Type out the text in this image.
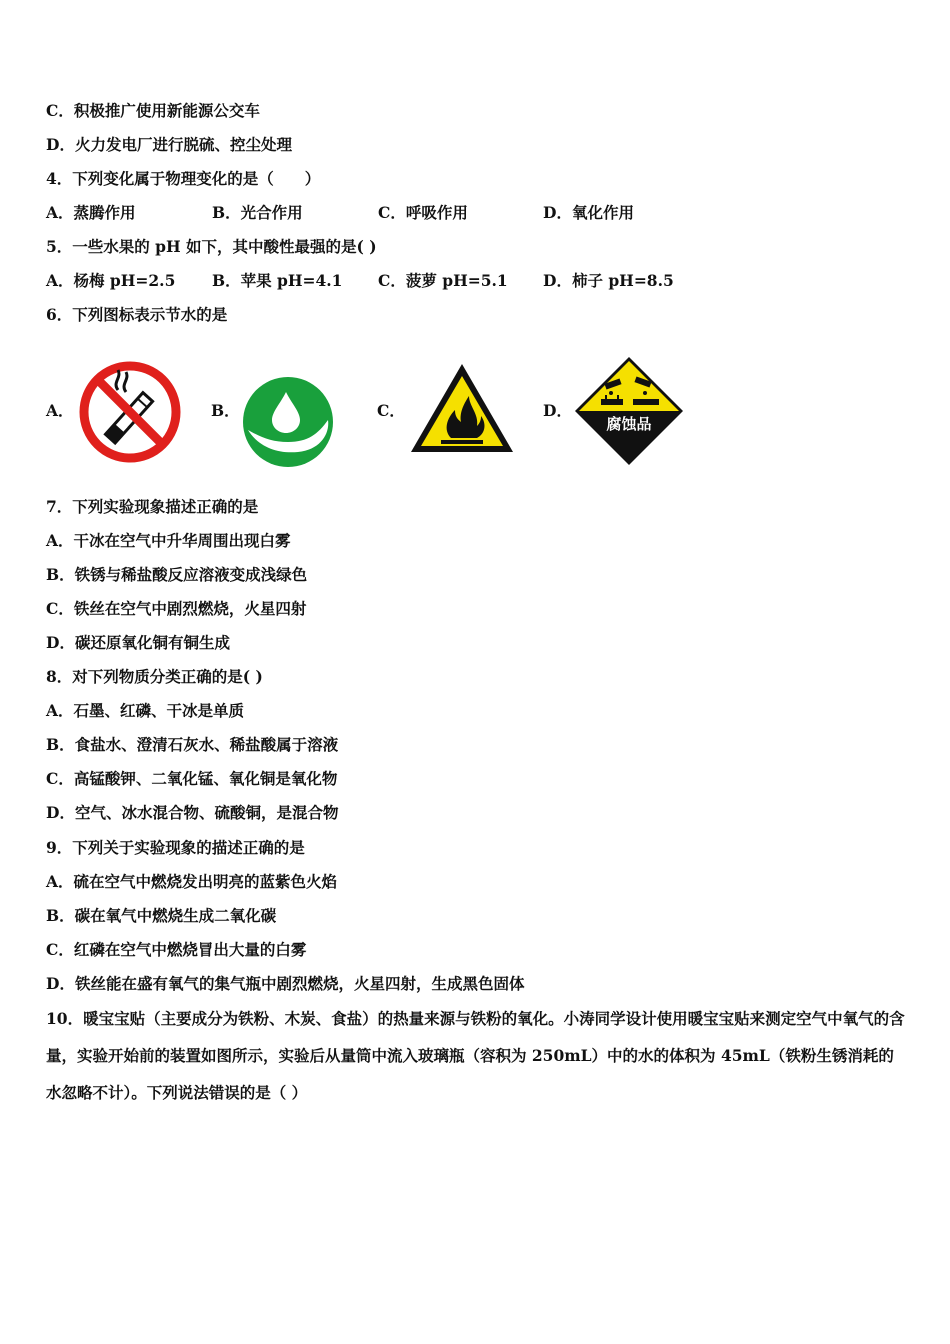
C．积极推广使用新能源公交车
D．火力发电厂进行脱硫、控尘处理
4．下列变化属于物理变化的是（　　）
A．蒸腾作用	B．光合作用	C．呼吸作用	D．氧化作用
5．一些水果的 pH 如下，其中酸性最强的是( )
A．杨梅 pH=2.5 B．苹果 pH=4.1 C．菠萝 pH=5.1 D．柿子 pH=8.5
6．下列图标表示节水的是
A．	B．	C．	D．
腐蚀品
7．下列实验现象描述正确的是
A．干冰在空气中升华周围出现白雾
B．铁锈与稀盐酸反应溶液变成浅绿色
C．铁丝在空气中剧烈燃烧，火星四射
D．碳还原氧化铜有铜生成
8．对下列物质分类正确的是( )
A．石墨、红磷、干冰是单质
B．食盐水、澄清石灰水、稀盐酸属于溶液
C．高锰酸钾、二氧化锰、氧化铜是氧化物
D．空气、冰水混合物、硫酸铜，是混合物
9．下列关于实验现象的描述正确的是
A．硫在空气中燃烧发出明亮的蓝紫色火焰
B．碳在氧气中燃烧生成二氧化碳
C．红磷在空气中燃烧冒出大量的白雾
D．铁丝能在盛有氧气的集气瓶中剧烈燃烧，火星四射，生成黑色固体
10．暖宝宝贴（主要成分为铁粉、木炭、食盐）的热量来源与铁粉的氧化。小涛同学设计使用暖宝宝贴来测定空气中氧气的含量，实验开始前的装置如图所示，实验后从量筒中流入玻璃瓶（容积为 250mL）中的水的体积为 45mL（铁粉生锈消耗的水忽略不计）。下列说法错误的是（ ）
